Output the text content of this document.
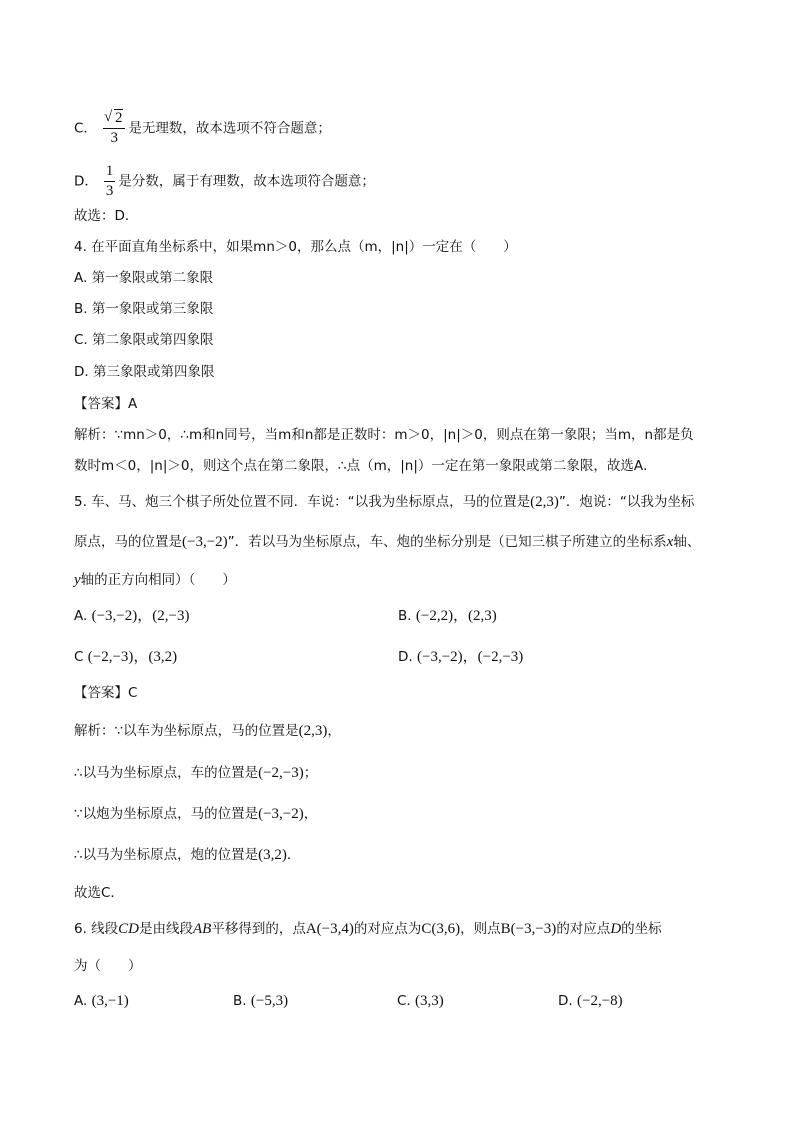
C．
√ $\frac{2}{3}$ 是无理数，故本选项不符合题意；
D． $\frac{1}{3}$ 是分数，属于有理数，故本选项符合题意；
故选：D．
4. 在平面直角坐标系中，如果mn＞0，那么点（m，|n|）一定在（　　）
A. 第一象限或第二象限
B. 第一象限或第三象限
C. 第二象限或第四象限
D. 第三象限或第四象限
【答案】A
解析：∵mn＞0，∴m和n同号，当m和n都是正数时：m＞0，|n|＞0，则点在第一象限；当m，n都是负
数时m＜0，|n|＞0，则这个点在第二象限，∴点（m，|n|）一定在第一象限或第二象限，故选A．
5. 车、马、炮三个棋子所处位置不同．车说：“以我为坐标原点，马的位置是(2,3)”．炮说：“以我为坐标
原点，马的位置是(−3,−2)”．若以马为坐标原点，车、炮的坐标分别是（已知三棋子所建立的坐标系x轴、
y轴的正方向相同）（　　）
A. (−3,−2)，(2,−3)	B. (−2,2)，(2,3)
C (−2,−3)，(3,2)	D. (−3,−2)，(−2,−3)
【答案】C
解析：∵以车为坐标原点，马的位置是(2,3)，
∴以马为坐标原点，车的位置是(−2,−3)；
∵以炮为坐标原点，马的位置是(−3,−2)，
∴以马为坐标原点，炮的位置是(3,2)．
故选C．
6. 线段CD是由线段AB平移得到的，点A(−3,4)的对应点为C(3,6)，则点B(−3,−3)的对应点D的坐标
为（　　）
A. (3,−1)	B. (−5,3)	C. (3,3)	D. (−2,−8)
